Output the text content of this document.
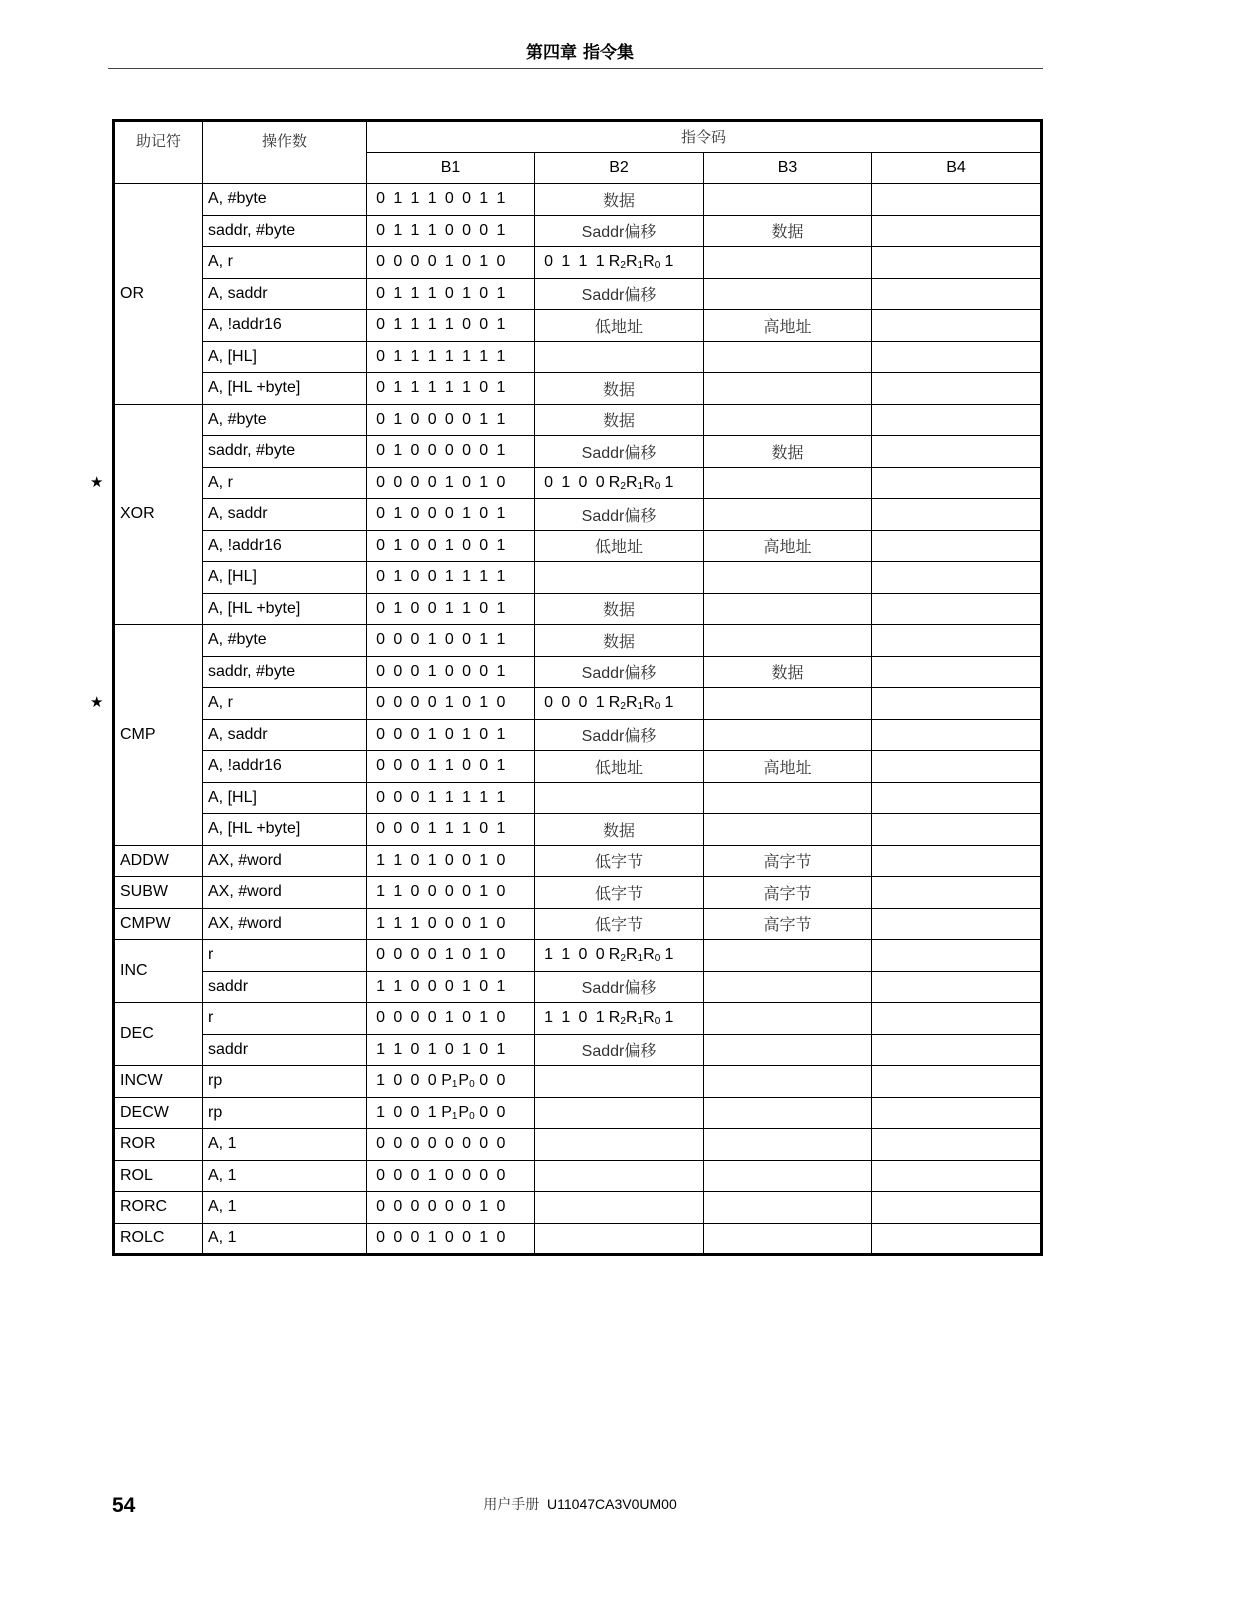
第四章 指令集
助记符	操作数	指令码			
		B1	B2	B3	B4
OR	A, #byte	0 1 1 1 0 0 1 1	数据		
	saddr, #byte	0 1 1 1 0 0 0 1	Saddr偏移	数据	
	A, r	0 0 0 0 1 0 1 0	0 1 1 1 $R_2R_1R_0$ 1		
	A, saddr	0 1 1 1 0 1 0 1	Saddr偏移		
	A, !addr16	0 1 1 1 1 0 0 1	低地址	高地址	
	A, [HL]	0 1 1 1 1 1 1 1			
	A, [HL +byte]	0 1 1 1 1 1 0 1	数据		
XOR	A, #byte	0 1 0 0 0 0 1 1	数据		
	saddr, #byte	0 1 0 0 0 0 0 1	Saddr偏移	数据	
	A, r	0 0 0 0 1 0 1 0	0 1 0 0 $R_2R_1R_0$ 1		
	A, saddr	0 1 0 0 0 1 0 1	Saddr偏移		
	A, !addr16	0 1 0 0 1 0 0 1	低地址	高地址	
	A, [HL]	0 1 0 0 1 1 1 1			
	A, [HL +byte]	0 1 0 0 1 1 0 1	数据		
CMP	A, #byte	0 0 0 1 0 0 1 1	数据		
	saddr, #byte	0 0 0 1 0 0 0 1	Saddr偏移	数据	
	A, r	0 0 0 0 1 0 1 0	0 0 0 1 $R_2R_1R_0$ 1		
	A, saddr	0 0 0 1 0 1 0 1	Saddr偏移		
	A, !addr16	0 0 0 1 1 0 0 1	低地址	高地址	
	A, [HL]	0 0 0 1 1 1 1 1			
	A, [HL +byte]	0 0 0 1 1 1 0 1	数据		
ADDW	AX, #word	1 1 0 1 0 0 1 0	低字节	高字节	
SUBW	AX, #word	1 1 0 0 0 0 1 0	低字节	高字节	
CMPW	AX, #word	1 1 1 0 0 0 1 0	低字节	高字节	
INC	r	0 0 0 0 1 0 1 0	1 1 0 0 $R_2R_1R_0$ 1		
	saddr	1 1 0 0 0 1 0 1	Saddr偏移		
DEC	r	0 0 0 0 1 0 1 0	1 1 0 1 $R_2R_1R_0$ 1		
	saddr	1 1 0 1 0 1 0 1	Saddr偏移		
INCW	rp	1 0 0 0 $P_1P_0$ 0 0			
DECW	rp	1 0 0 1 $P_1P_0$ 0 0			
ROR	A, 1	0 0 0 0 0 0 0 0			
ROL	A, 1	0 0 0 1 0 0 0 0			
RORC	A, 1	0 0 0 0 0 0 1 0			
ROLC	A, 1	0 0 0 1 0 0 1 0			
★
★
54	用户手册 U11047CA3V0UM00
